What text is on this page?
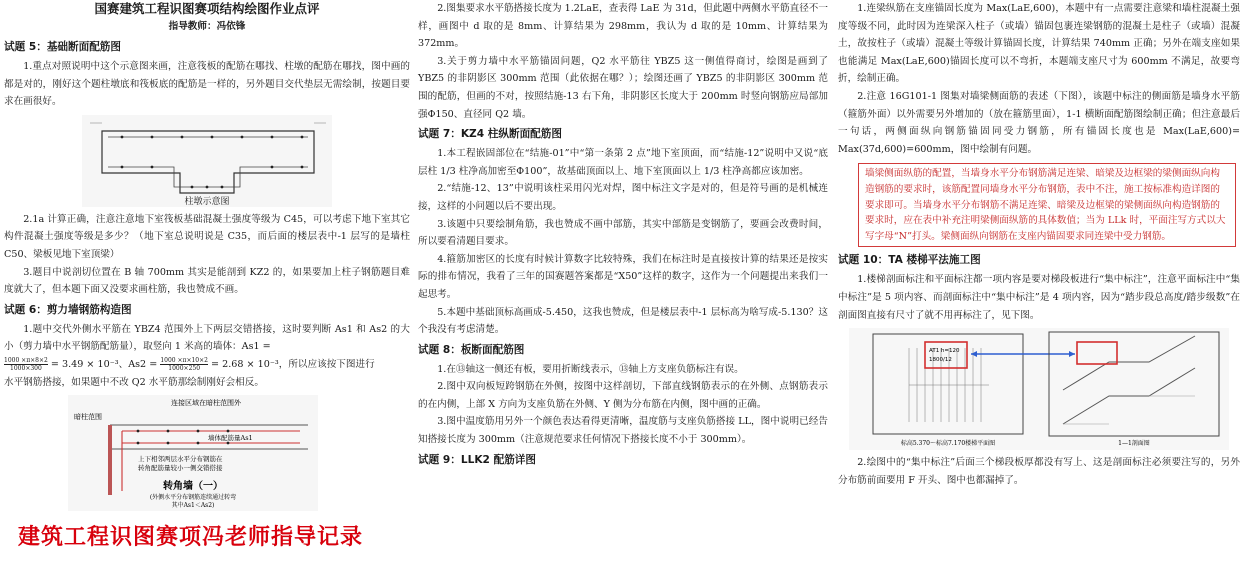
国赛建筑工程识图赛项结构绘图作业点评
指导教师：冯依锋
试题 5：基础断面配筋图

1.重点对照说明中这个示意图来画，注意筏板的配筋在哪找、柱墩的配筋在哪找，图中画的都是对的，刚好这个题柱墩底和筏板底的配筋是一样的，另外题目交代垫层无需绘制，按题目要求在画很好。

柱墩示意图

2.1a 计算正确，注意注意地下室筏板基础混凝土强度等级为 C45，可以考虑下地下室其它构件混凝土强度等级是多少？（地下室总说明说是 C35，而后面的楼层表中-1 层写的是墙柱 C50、梁板见地下室顶梁）

3.题目中说剖切位置在 B 轴 700mm 其实是能剖到 KZ2 的，如果要加上柱子钢筋题目难度就大了，但本题下面又没要求画柱筋，我也赞成不画。

试题 6：剪力墙钢筋构造图

1.题中交代外侧水平筋在 YBZ4 范围外上下两层交错搭接，这时要判断 As1 和 As2 的大小（剪力墙中水平钢筋配筋量），取竖向 1 米高的墙体：As1 =

$\frac{1000 \times\pi\times 8\times 2}{1000\times 300} = 3.49 \times 10^{-3}$、$As2 = \frac{1000 \times\pi\times 10\times 2}{1000\times 250} = 2.68 \times 10^{-3}$，所以应该按下图进行

水平钢筋搭接，如果题中不改 Q2 水平筋那绘制刚好会相反。

连接区域在暗柱范围外
暗柱范围
墙体配筋量As1
上下相邻两层水平分布钢筋在
转角配筋量较小一侧交错搭接
转角墙（一）
(外侧水平分布钢筋连续通过转弯
其中As1＜As2)
建筑工程识图赛项冯老师指导记录

2.图集要求水平筋搭接长度为 1.2LaE，查表得 LaE 为 31d，但此题中两侧水平筋直径不一样，画图中 d 取的是 8mm、计算结果为 298mm，我认为 d 取的是 10mm、计算结果为 372mm。

3.关于剪力墙中水平筋锚固问题，Q2 水平筋往 YBZ5 这一侧值得商讨，绘图是画到了 YBZ5 的非阴影区 300mm 范围（此依据在哪？）；绘图还画了 YBZ5 的非阴影区 300mm 范围的配筋，但画的不对，按照结施-13 右下角，非阴影区长度大于 200mm 时竖向钢筋应局部加强Φ150、直径同 Q2 墙。

试题 7：KZ4 柱纵断面配筋图

1.本工程嵌固部位在“结施-01”中“第一条第 2 点”地下室顶面，而“结施-12”说明中又说“底层柱 1/3 柱净高加密至Φ100”，故基础顶面以上、地下室顶面以上 1/3 柱净高都应该加密。

2.“结施-12、13”中说明该柱采用闪光对焊，图中标注文字是对的，但是符号画的是机械连接，这样的小问题以后不要出现。

3.该题中只要绘制角筋，我也赞成不画中部筋，其实中部筋是变钢筋了，要画会改费时间，所以要看清题目要求。

4.箍筋加密区的长度有时候计算数字比较特殊，我们在标注时是直接按计算的结果还是按实际的排布情况，我看了三年的国赛题答案都是“X50”这样的数字，这作为一个问题提出来我们一起思考。

5.本题中基础顶标高画成-5.450，这我也赞成，但是楼层表中-1 层标高为啥写成-5.130？这个我没有考虑清楚。

试题 8：板断面配筋图

1.在⑬轴这一侧还有板，要用折断线表示，⑬轴上方支座负筋标注有误。

2.图中双向板短跨钢筋在外侧，按图中这样剖切，下部直线钢筋表示的在外侧、点钢筋表示的在内侧，上部 X 方向为支座负筋在外侧、Y 侧为分布筋在内侧，图中画的正确。

3.图中温度筋用另外一个颜色表达看得更清晰，温度筋与支座负筋搭接 LL，图中说明已经告知搭接长度为 300mm（注意规范要求任何情况下搭接长度不小于 300mm）。

试题 9：LLK2 配筋详图

1.连梁纵筋在支座锚固长度为 Max(LaE,600)，本题中有一点需要注意梁和墙柱混凝土强度等级不同，此时因为连梁深入柱子（或墙）锚固包裹连梁钢筋的混凝土是柱子（或墙）混凝土，故按柱子（或墙）混凝土等级计算锚固长度，计算结果 740mm 正确；另外在端支座如果也能满足 Max(LaE,600)锚固长度可以不弯折，本题端支座尺寸为 600mm 不满足，故要弯折，绘制正确。

2.注意 16G101-1 图集对墙梁侧面筋的表述（下图），该题中标注的侧面筋是墙身水平筋（箍筋外面）以外需要另外增加的（放在箍筋里面），1-1 横断面配筋图绘制正确；但注意最后一句话，两侧面纵向钢筋锚固同受力钢筋，所有锚固长度也是 Max(LaE,600)= Max(37d,600)=600mm，图中绘制有问题。

墙梁侧面纵筋的配置，当墙身水平分布钢筋满足连梁、暗梁及边框梁的梁侧面纵向构造钢筋的要求时，该筋配置同墙身水平分布钢筋，表中不注，施工按标准构造详图的要求即可。当墙身水平分布钢筋不满足连梁、暗梁及边框梁的梁侧面纵向构造钢筋的要求时，应在表中补充注明梁侧面纵筋的具体数值；当为 LLk 时，平面注写方式以大写字母“N”打头。梁侧面纵向钢筋在支座内锚固要求同连梁中受力钢筋。
试题 10：TA 楼梯平法施工图

1.楼梯剖面标注和平面标注都一项内容是要对梯段板进行“集中标注”，注意平面标注中“集中标注”是 5 项内容、而剖面标注中“集中标注”是 4 项内容，因为“踏步段总高度/踏步级数”在剖面图直接有尺寸了就不用再标注了，见下图。

AT1 h=120
1800/12
标高5.370～标高7.170楼梯平面图	1—1剖面图

2.绘图中的“集中标注”后面三个梯段板厚都没有写上、这是剖面标注必须要注写的，另外分布筋前面要用 F 开头、图中也都漏掉了。
